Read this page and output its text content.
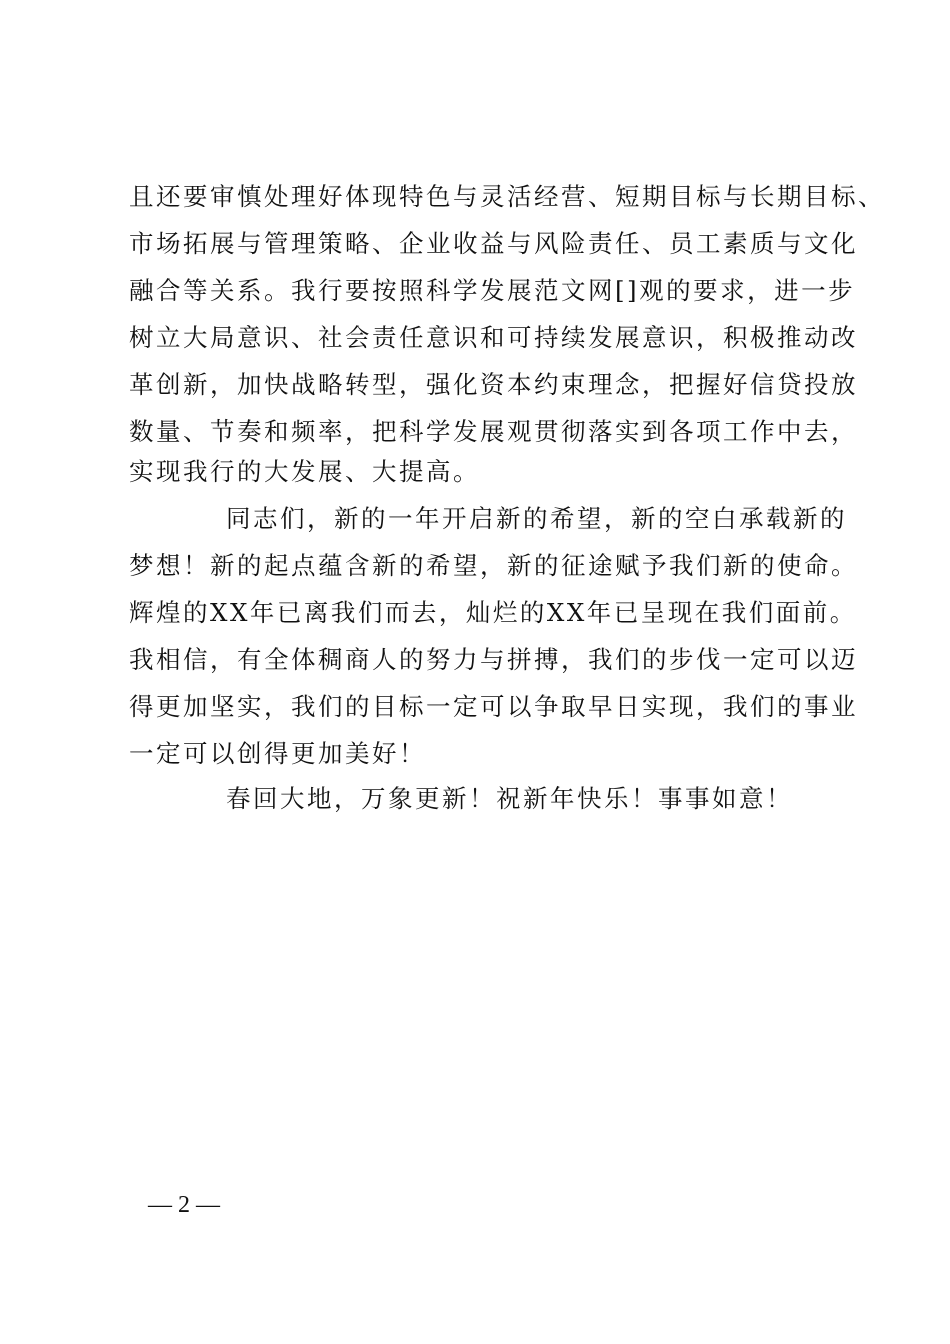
且还要审慎处理好体现特色与灵活经营、短期目标与长期目标、
市场拓展与管理策略、企业收益与风险责任、员工素质与文化
融合等关系。我行要按照科学发展范文网[]观的要求，进一步
树立大局意识、社会责任意识和可持续发展意识，积极推动改
革创新，加快战略转型，强化资本约束理念，把握好信贷投放
数量、节奏和频率，把科学发展观贯彻落实到各项工作中去，
实现我行的大发展、大提高。
同志们，新的一年开启新的希望，新的空白承载新的
梦想！新的起点蕴含新的希望，新的征途赋予我们新的使命。
辉煌的XX年已离我们而去，灿烂的XX年已呈现在我们面前。
我相信，有全体稠商人的努力与拼搏，我们的步伐一定可以迈
得更加坚实，我们的目标一定可以争取早日实现，我们的事业
一定可以创得更加美好！
春回大地，万象更新！祝新年快乐！事事如意！
— 2 —
